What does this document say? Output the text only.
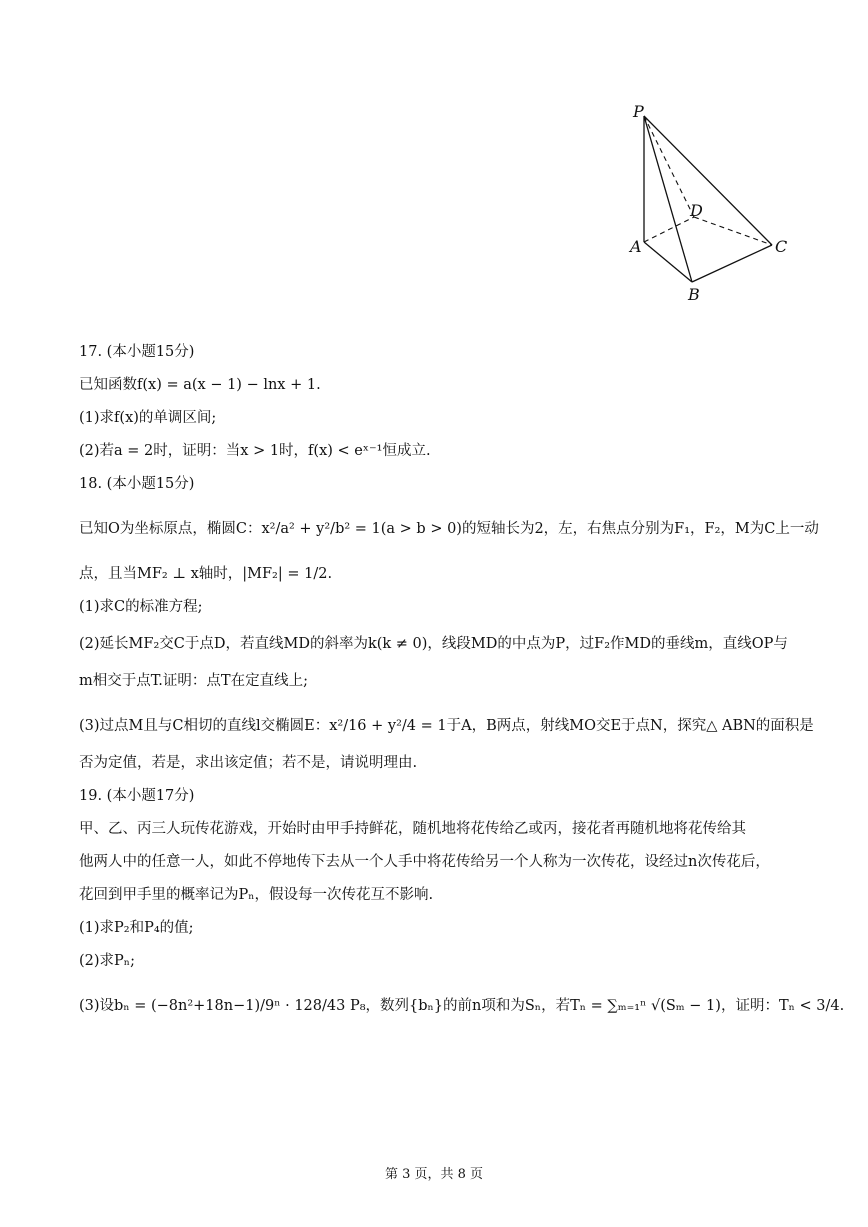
P
D
A	C
B
17. (本小题15分)
已知函数f(x) = a(x − 1) − lnx + 1.
(1)求f(x)的单调区间;
(2)若a = 2时，证明：当x > 1时，f(x) < eˣ⁻¹恒成立.
18. (本小题15分)
已知O为坐标原点，椭圆C：x²/a² + y²/b² = 1(a > b > 0)的短轴长为2，左，右焦点分别为F₁，F₂，M为C上一动
点，且当MF₂ ⊥ x轴时，|MF₂| = 1/2.
(1)求C的标准方程;
(2)延长MF₂交C于点D，若直线MD的斜率为k(k ≠ 0)，线段MD的中点为P，过F₂作MD的垂线m，直线OP与
m相交于点T.证明：点T在定直线上;
(3)过点M且与C相切的直线l交椭圆E：x²/16 + y²/4 = 1于A，B两点，射线MO交E于点N，探究△ ABN的面积是
否为定值，若是，求出该定值；若不是，请说明理由.
19. (本小题17分)
甲、乙、丙三人玩传花游戏，开始时由甲手持鲜花，随机地将花传给乙或丙，接花者再随机地将花传给其
他两人中的任意一人，如此不停地传下去从一个人手中将花传给另一个人称为一次传花，设经过n次传花后，
花回到甲手里的概率记为Pₙ，假设每一次传花互不影响.
(1)求P₂和P₄的值;
(2)求Pₙ;
(3)设bₙ = (−8n²+18n−1)/9ⁿ · 128/43 P₈，数列{bₙ}的前n项和为Sₙ，若Tₙ = ∑ₘ₌₁ⁿ √(Sₘ − 1)，证明：Tₙ < 3/4.
第 3 页，共 8 页
